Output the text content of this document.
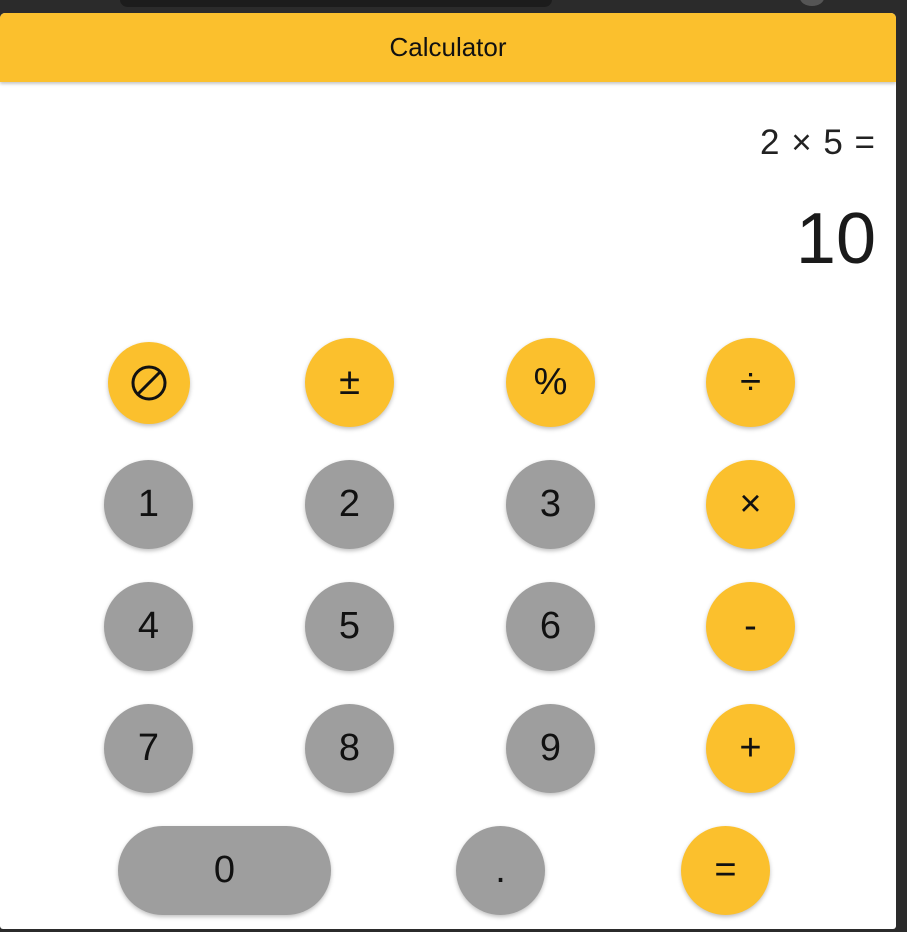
Calculator
2 × 5 =
10
±	%	÷
1	2	3	×
4	5	6	-
7	8	9	+
0	.	=
